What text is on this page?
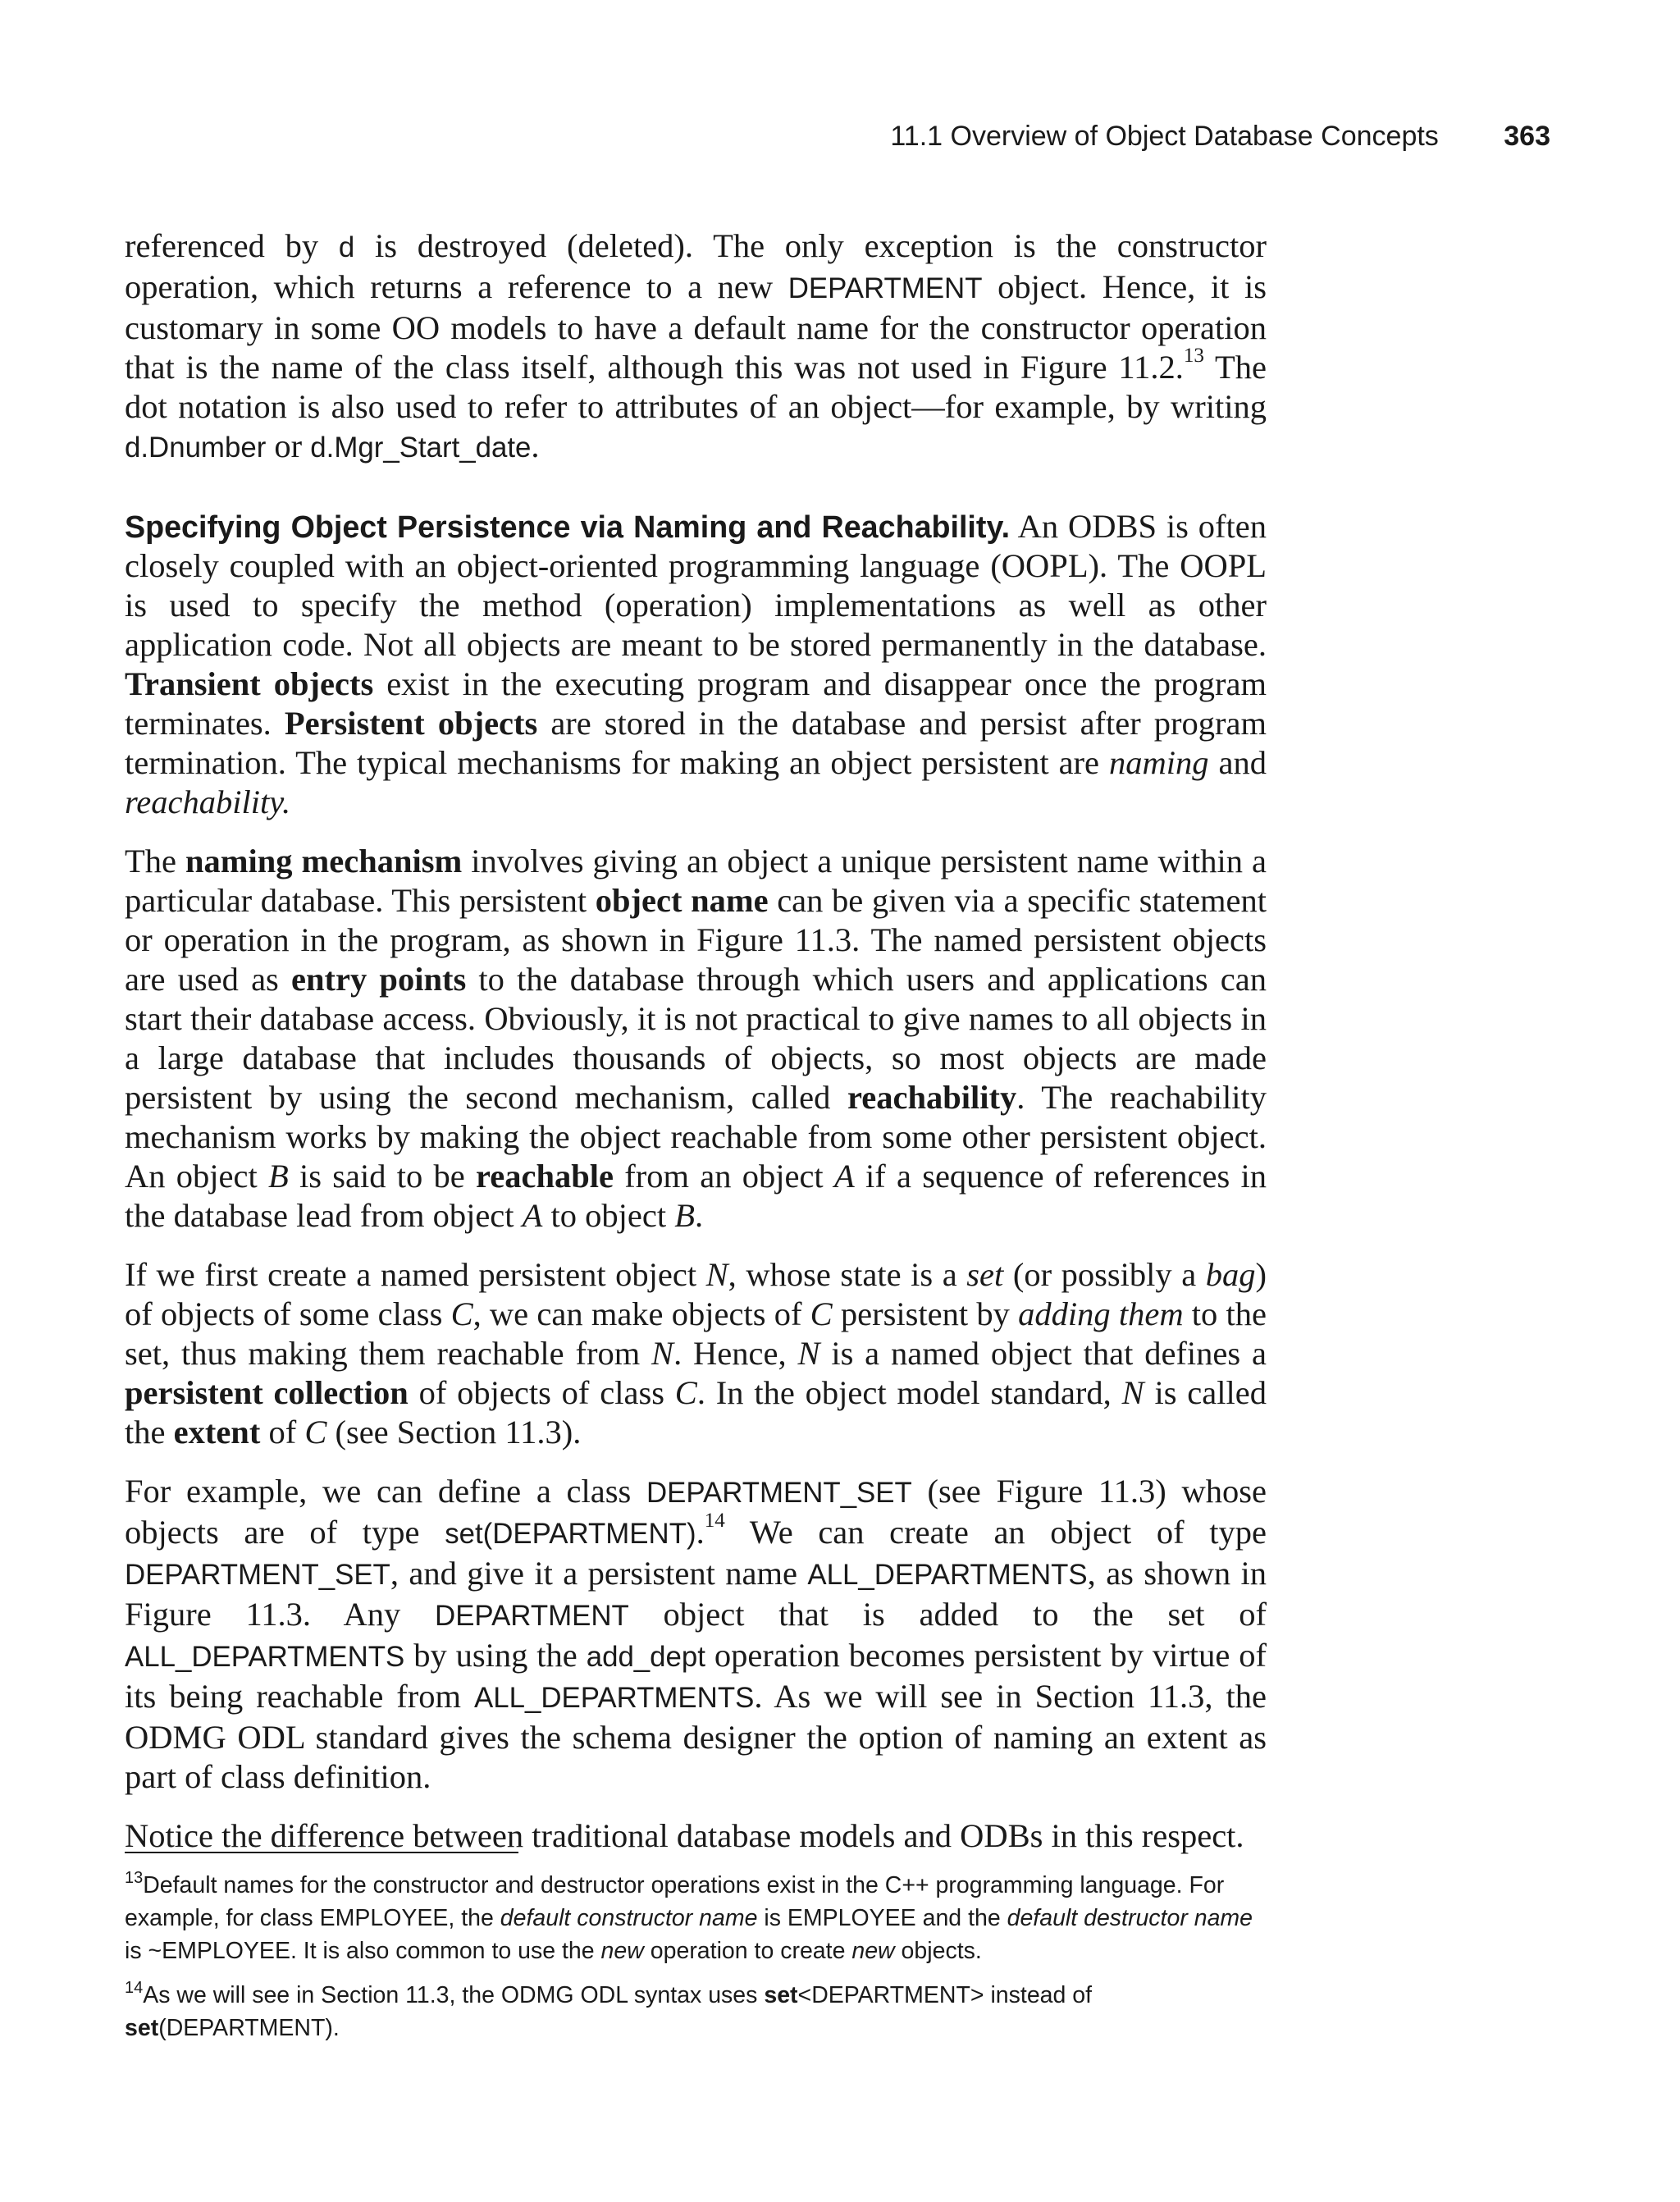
11.1 Overview of Object Database Concepts 363

referenced by d is destroyed (deleted). The only exception is the constructor operation, which returns a reference to a new DEPARTMENT object. Hence, it is customary in some OO models to have a default name for the constructor operation that is the name of the class itself, although this was not used in Figure 11.2.13 The dot notation is also used to refer to attributes of an object—for example, by writing d.Dnumber or d.Mgr_Start_date.

Specifying Object Persistence via Naming and Reachability. An ODBS is often closely coupled with an object-oriented programming language (OOPL). The OOPL is used to specify the method (operation) implementations as well as other application code. Not all objects are meant to be stored permanently in the database. Transient objects exist in the executing program and disappear once the program terminates. Persistent objects are stored in the database and persist after program termination. The typical mechanisms for making an object persistent are naming and reachability.

The naming mechanism involves giving an object a unique persistent name within a particular database. This persistent object name can be given via a specific statement or operation in the program, as shown in Figure 11.3. The named persistent objects are used as entry points to the database through which users and applications can start their database access. Obviously, it is not practical to give names to all objects in a large database that includes thousands of objects, so most objects are made persistent by using the second mechanism, called reachability. The reachability mechanism works by making the object reachable from some other persistent object. An object B is said to be reachable from an object A if a sequence of references in the database lead from object A to object B.

If we first create a named persistent object N, whose state is a set (or possibly a bag) of objects of some class C, we can make objects of C persistent by adding them to the set, thus making them reachable from N. Hence, N is a named object that defines a persistent collection of objects of class C. In the object model standard, N is called the extent of C (see Section 11.3).

For example, we can define a class DEPARTMENT_SET (see Figure 11.3) whose objects are of type set(DEPARTMENT).$^{14}$ We can create an object of type DEPARTMENT_SET, and give it a persistent name ALL_DEPARTMENTS, as shown in Figure 11.3. Any DEPARTMENT object that is added to the set of ALL_DEPARTMENTS by using the add_dept operation becomes persistent by virtue of its being reachable from ALL_DEPARTMENTS. As we will see in Section 11.3, the ODMG ODL standard gives the schema designer the option of naming an extent as part of class definition.

Notice the difference between traditional database models and ODBs in this respect.

$^{13}$Default names for the constructor and destructor operations exist in the C++ programming language. For example, for class EMPLOYEE, the default constructor name is EMPLOYEE and the default destructor name is ~EMPLOYEE. It is also common to use the new operation to create new objects.

$^{14}$As we will see in Section 11.3, the ODMG ODL syntax uses set<DEPARTMENT> instead of set(DEPARTMENT).
